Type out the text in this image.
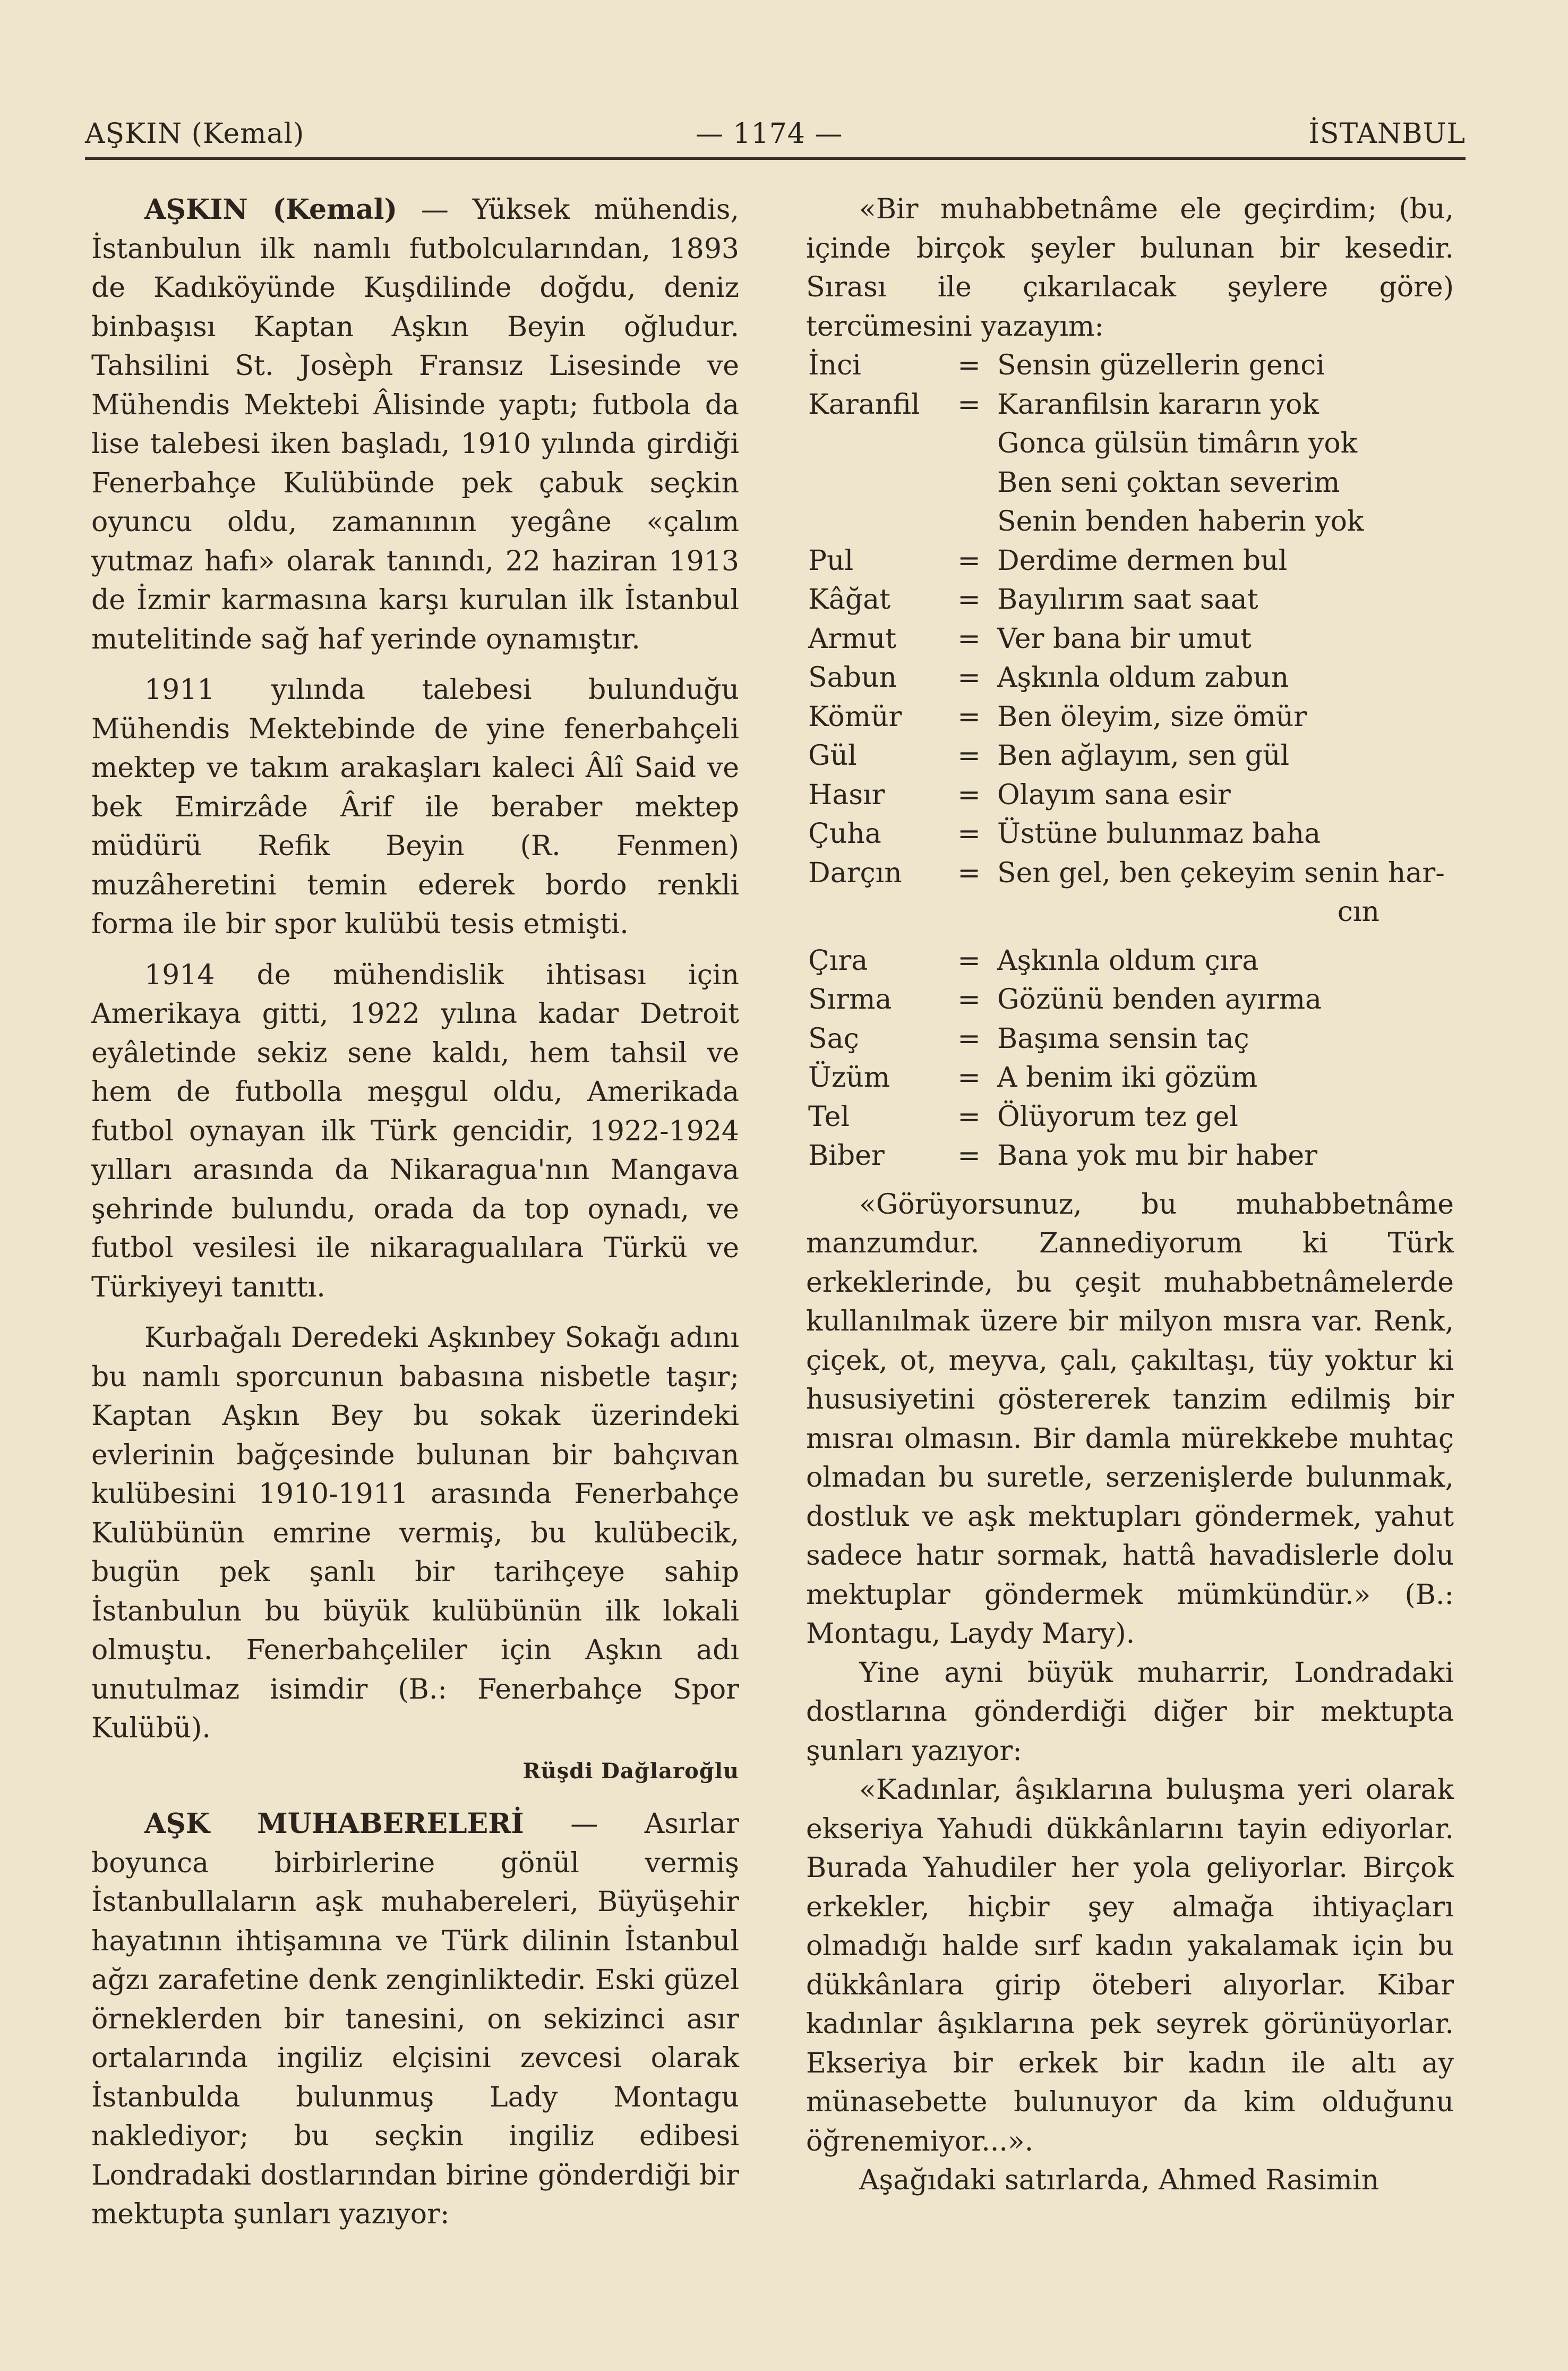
AŞKIN (Kemal)	— 1174 —	İSTANBUL

AŞKIN (Kemal) — Yüksek mühendis, İstanbulun ilk namlı futbolcularından, 1893 de Kadıköyünde Kuşdilinde doğdu, deniz binbaşısı Kaptan Aşkın Beyin oğludur. Tahsilini St. Josèph Fransız Lisesinde ve Mühendis Mektebi Âlisinde yaptı; futbola da lise talebesi iken başladı, 1910 yılında girdiği Fenerbahçe Kulübünde pek çabuk seçkin oyuncu oldu, zamanının yegâne «çalım yutmaz hafı» olarak tanındı, 22 haziran 1913 de İzmir karmasına karşı kurulan ilk İstanbul mutelitinde sağ haf yerinde oynamıştır.

1911 yılında talebesi bulunduğu Mühendis Mektebinde de yine fenerbahçeli mektep ve takım arakaşları kaleci Âlî Said ve bek Emirzâde Ârif ile beraber mektep müdürü Refik Beyin (R. Fenmen) muzâheretini temin ederek bordo renkli forma ile bir spor kulübü tesis etmişti.

1914 de mühendislik ihtisası için Amerikaya gitti, 1922 yılına kadar Detroit eyâletinde sekiz sene kaldı, hem tahsil ve hem de futbolla meşgul oldu, Amerikada futbol oynayan ilk Türk gencidir, 1922-1924 yılları arasında da Nikaragua'nın Mangava şehrinde bulundu, orada da top oynadı, ve futbol vesilesi ile nikaragualılara Türkü ve Türkiyeyi tanıttı.

Kurbağalı Deredeki Aşkınbey Sokağı adını bu namlı sporcunun babasına nisbetle taşır; Kaptan Aşkın Bey bu sokak üzerindeki evlerinin bağçesinde bulunan bir bahçıvan kulübesini 1910-1911 arasında Fenerbahçe Kulübünün emrine vermiş, bu kulübecik, bugün pek şanlı bir tarihçeye sahip İstanbulun bu büyük kulübünün ilk lokali olmuştu. Fenerbahçeliler için Aşkın adı unutulmaz isimdir (B.: Fenerbahçe Spor Kulübü).

Rüşdi Dağlaroğlu

AŞK MUHABERELERİ — Asırlar boyunca birbirlerine gönül vermiş İstanbullaların aşk muhabereleri, Büyüşehir hayatının ihtişamına ve Türk dilinin İstanbul ağzı zarafetine denk zenginliktedir. Eski güzel örneklerden bir tanesini, on sekizinci asır ortalarında ingiliz elçisini zevcesi olarak İstanbulda bulunmuş Lady Montagu naklediyor; bu seçkin ingiliz edibesi Londradaki dostlarından birine gönderdiği bir mektupta şunları yazıyor:

«Bir muhabbetnâme ele geçirdim; (bu, içinde birçok şeyler bulunan bir kesedir. Sırası ile çıkarılacak şeylere göre) tercümesini yazayım:

İnci	= Sensin güzellerin genci
Karanfil	= Karanfilsin kararın yok
Gonca gülsün timârın yok
Ben seni çoktan severim
Senin benden haberin yok
Pul	= Derdime dermen bul
Kâğat	= Bayılırım saat saat
Armut	= Ver bana bir umut
Sabun	= Aşkınla oldum zabun
Kömür	= Ben öleyim, size ömür
Gül	= Ben ağlayım, sen gül
Hasır	= Olayım sana esir
Çuha	= Üstüne bulunmaz baha
Darçın	= Sen gel, ben çekeyim senin har-
cın
Çıra	= Aşkınla oldum çıra
Sırma	= Gözünü benden ayırma
Saç	= Başıma sensin taç
Üzüm	= A benim iki gözüm
Tel	= Ölüyorum tez gel
Biber	= Bana yok mu bir haber

«Görüyorsunuz, bu muhabbetnâme manzumdur. Zannediyorum ki Türk erkeklerinde, bu çeşit muhabbetnâmelerde kullanılmak üzere bir milyon mısra var. Renk, çiçek, ot, meyva, çalı, çakıltaşı, tüy yoktur ki hususiyetini göstererek tanzim edilmiş bir mısraı olmasın. Bir damla mürekkebe muhtaç olmadan bu suretle, serzenişlerde bulunmak, dostluk ve aşk mektupları göndermek, yahut sadece hatır sormak, hattâ havadislerle dolu mektuplar göndermek mümkündür.» (B.: Montagu, Laydy Mary).

Yine ayni büyük muharrir, Londradaki dostlarına gönderdiği diğer bir mektupta şunları yazıyor:

«Kadınlar, âşıklarına buluşma yeri olarak ekseriya Yahudi dükkânlarını tayin ediyorlar. Burada Yahudiler her yola geliyorlar. Birçok erkekler, hiçbir şey almağa ihtiyaçları olmadığı halde sırf kadın yakalamak için bu dükkânlara girip öteberi alıyorlar. Kibar kadınlar âşıklarına pek seyrek görünüyorlar. Ekseriya bir erkek bir kadın ile altı ay münasebette bulunuyor da kim olduğunu öğrenemiyor...».

Aşağıdaki satırlarda, Ahmed Rasimin
